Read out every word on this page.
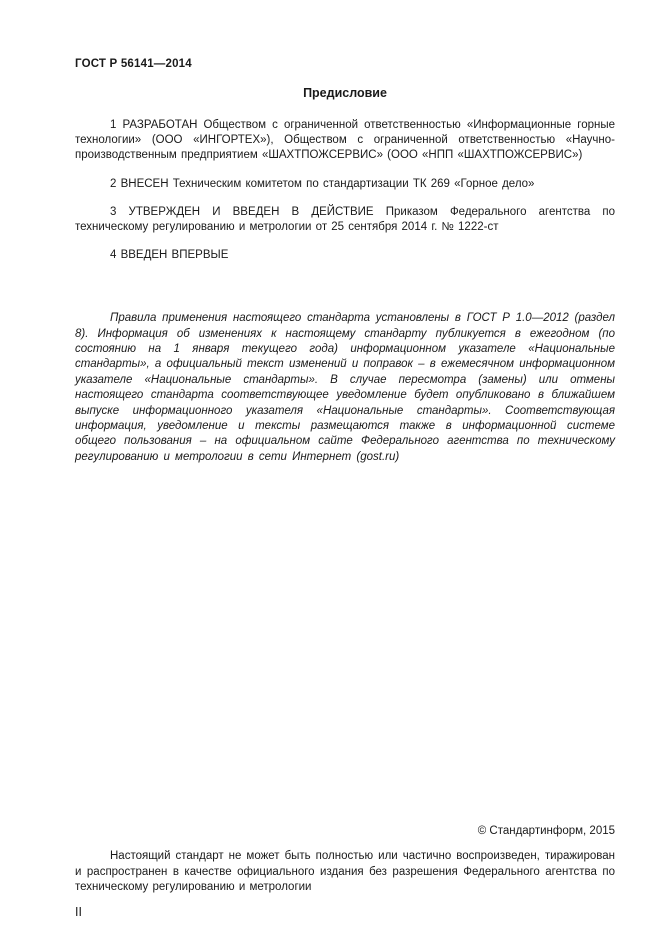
ГОСТ Р 56141—2014
Предисловие

1 РАЗРАБОТАН Обществом с ограниченной ответственностью «Информационные горные технологии» (ООО «ИНГОРТЕХ»), Обществом с ограниченной ответственностью «Научно-производственным предприятием «ШАХТПОЖСЕРВИС» (ООО «НПП «ШАХТПОЖСЕРВИС»)

2 ВНЕСЕН Техническим комитетом по стандартизации ТК 269 «Горное дело»

3 УТВЕРЖДЕН И ВВЕДЕН В ДЕЙСТВИЕ Приказом Федерального агентства по техническому регулированию и метрологии от 25 сентября 2014 г. № 1222-ст

4 ВВЕДЕН ВПЕРВЫЕ

Правила применения настоящего стандарта установлены в ГОСТ Р 1.0—2012 (раздел 8). Информация об изменениях к настоящему стандарту публикуется в ежегодном (по состоянию на 1 января текущего года) информационном указателе «Национальные стандарты», а официальный текст изменений и поправок – в ежемесячном информационном указателе «Национальные стандарты». В случае пересмотра (замены) или отмены настоящего стандарта соответствующее уведомление будет опубликовано в ближайшем выпуске информационного указателя «Национальные стандарты». Соответствующая информация, уведомление и тексты размещаются также в информационной системе общего пользования – на официальном сайте Федерального агентства по техническому регулированию и метрологии в сети Интернет (gost.ru)

© Стандартинформ, 2015

Настоящий стандарт не может быть полностью или частично воспроизведен, тиражирован и распространен в качестве официального издания без разрешения Федерального агентства по техническому регулированию и метрологии

II
